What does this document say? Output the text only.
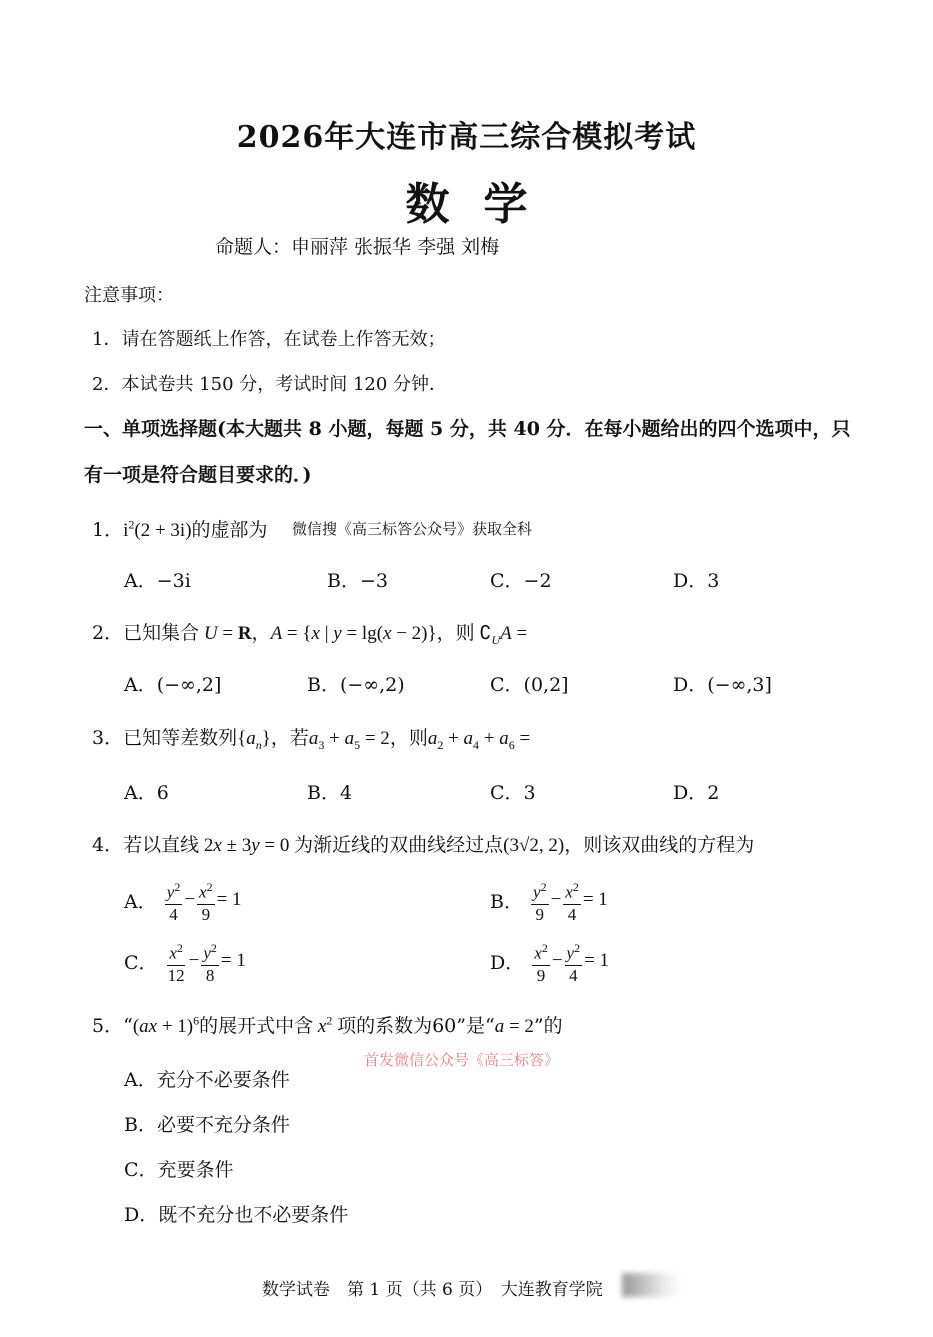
2026年大连市高三综合模拟考试
数学
命题人：申丽萍 张振华 李强 刘梅
注意事项：
1．请在答题纸上作答，在试卷上作答无效；
2．本试卷共 150 分，考试时间 120 分钟．
一、单项选择题(本大题共 8 小题，每题 5 分，共 40 分．在每小题给出的四个选项中，只
有一项是符合题目要求的．)
1．$i^2(2 + 3i)$的虚部为 微信搜《高三标答公众号》获取全科
A．−3i	B．−3	C．−2	D．3
2．已知集合 U = R，A = {x | y = lg(x − 2)}，则 $∁_UA$ =
A．(−∞,2]	B．(−∞,2)	C．(0,2]	D．(−∞,3]
3．已知等差数列$\{a_n\}$，若$a_3 + a_5 = 2$，则$a_2 + a_4 + a_6$ =
A．6	B．4	C．3	D．2
4．若以直线 2x ± 3y = 0 为渐近线的双曲线经过点(3√2, 2)，则该双曲线的方程为
A． $\frac{y^2}{4} - \frac{x^2}{9} = 1$	B． $\frac{y^2}{9} - \frac{x^2}{4} = 1$
C． $\frac{x^2}{12} - \frac{y^2}{8} = 1$	D． $\frac{x^2}{9} - \frac{y^2}{4} = 1$
5．“(ax + 1)$^6$的展开式中含 $x^2$ 项的系数为60”是“a = 2”的
首发微信公众号《高三标答》
A．充分不必要条件
B．必要不充分条件
C．充要条件
D．既不充分也不必要条件
数学试卷　第 1 页（共 6 页）　大连教育学院
